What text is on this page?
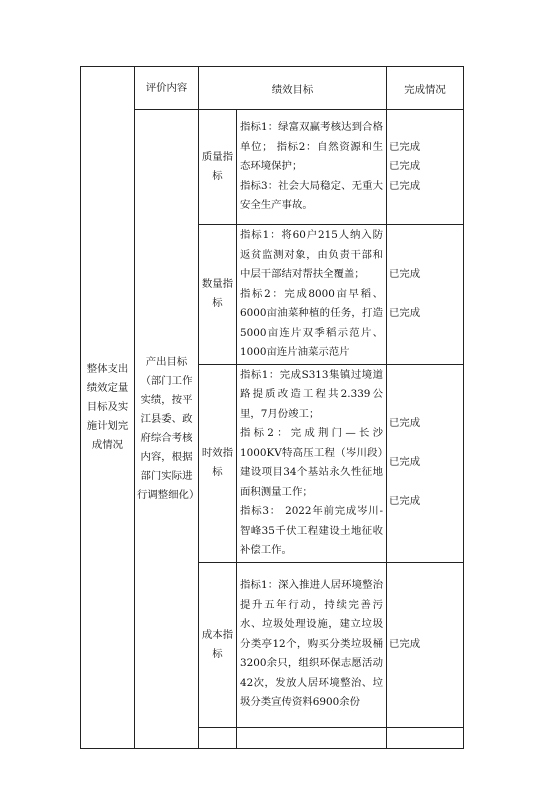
整体支出绩效定量目标及实施计划完成情况	评价内容	绩效目标		完成情况
	产出目标（部门工作实绩，按平江县委、政府综合考核内容，根据部门实际进行调整细化）	质量指标	指标1：绿富双赢考核达到合格单位； 指标2：自然资源和生态环境保护；
指标3：社会大局稳定、无重大安全生产事故。	已完成
已完成
已完成

		数量指标	指标1：将60户215人纳入防返贫监测对象，由负责干部和中层干部结对帮扶全覆盖；
指标2：完成8000亩早稻、6000亩油菜种植的任务，打造5000亩连片双季稻示范片、1000亩连片油菜示范片	已完成
已完成

		时效指标	指标1：完成S313集镇过境道路提质改造工程共2.339公里，7月份竣工；
指标2：完成荆门—长沙1000KV特高压工程（岑川段）建设项目34个基站永久性征地面积测量工作；
指标3： 2022年前完成岑川-智峰35千伏工程建设土地征收补偿工作。	已完成
已完成
已完成

		成本指标	指标1：深入推进人居环境整治提升五年行动，持续完善污水、垃圾处理设施，建立垃圾分类亭12个，购买分类垃圾桶3200余只，组织环保志愿活动42次，发放人居环境整治、垃圾分类宣传资料6900余份	已完成
